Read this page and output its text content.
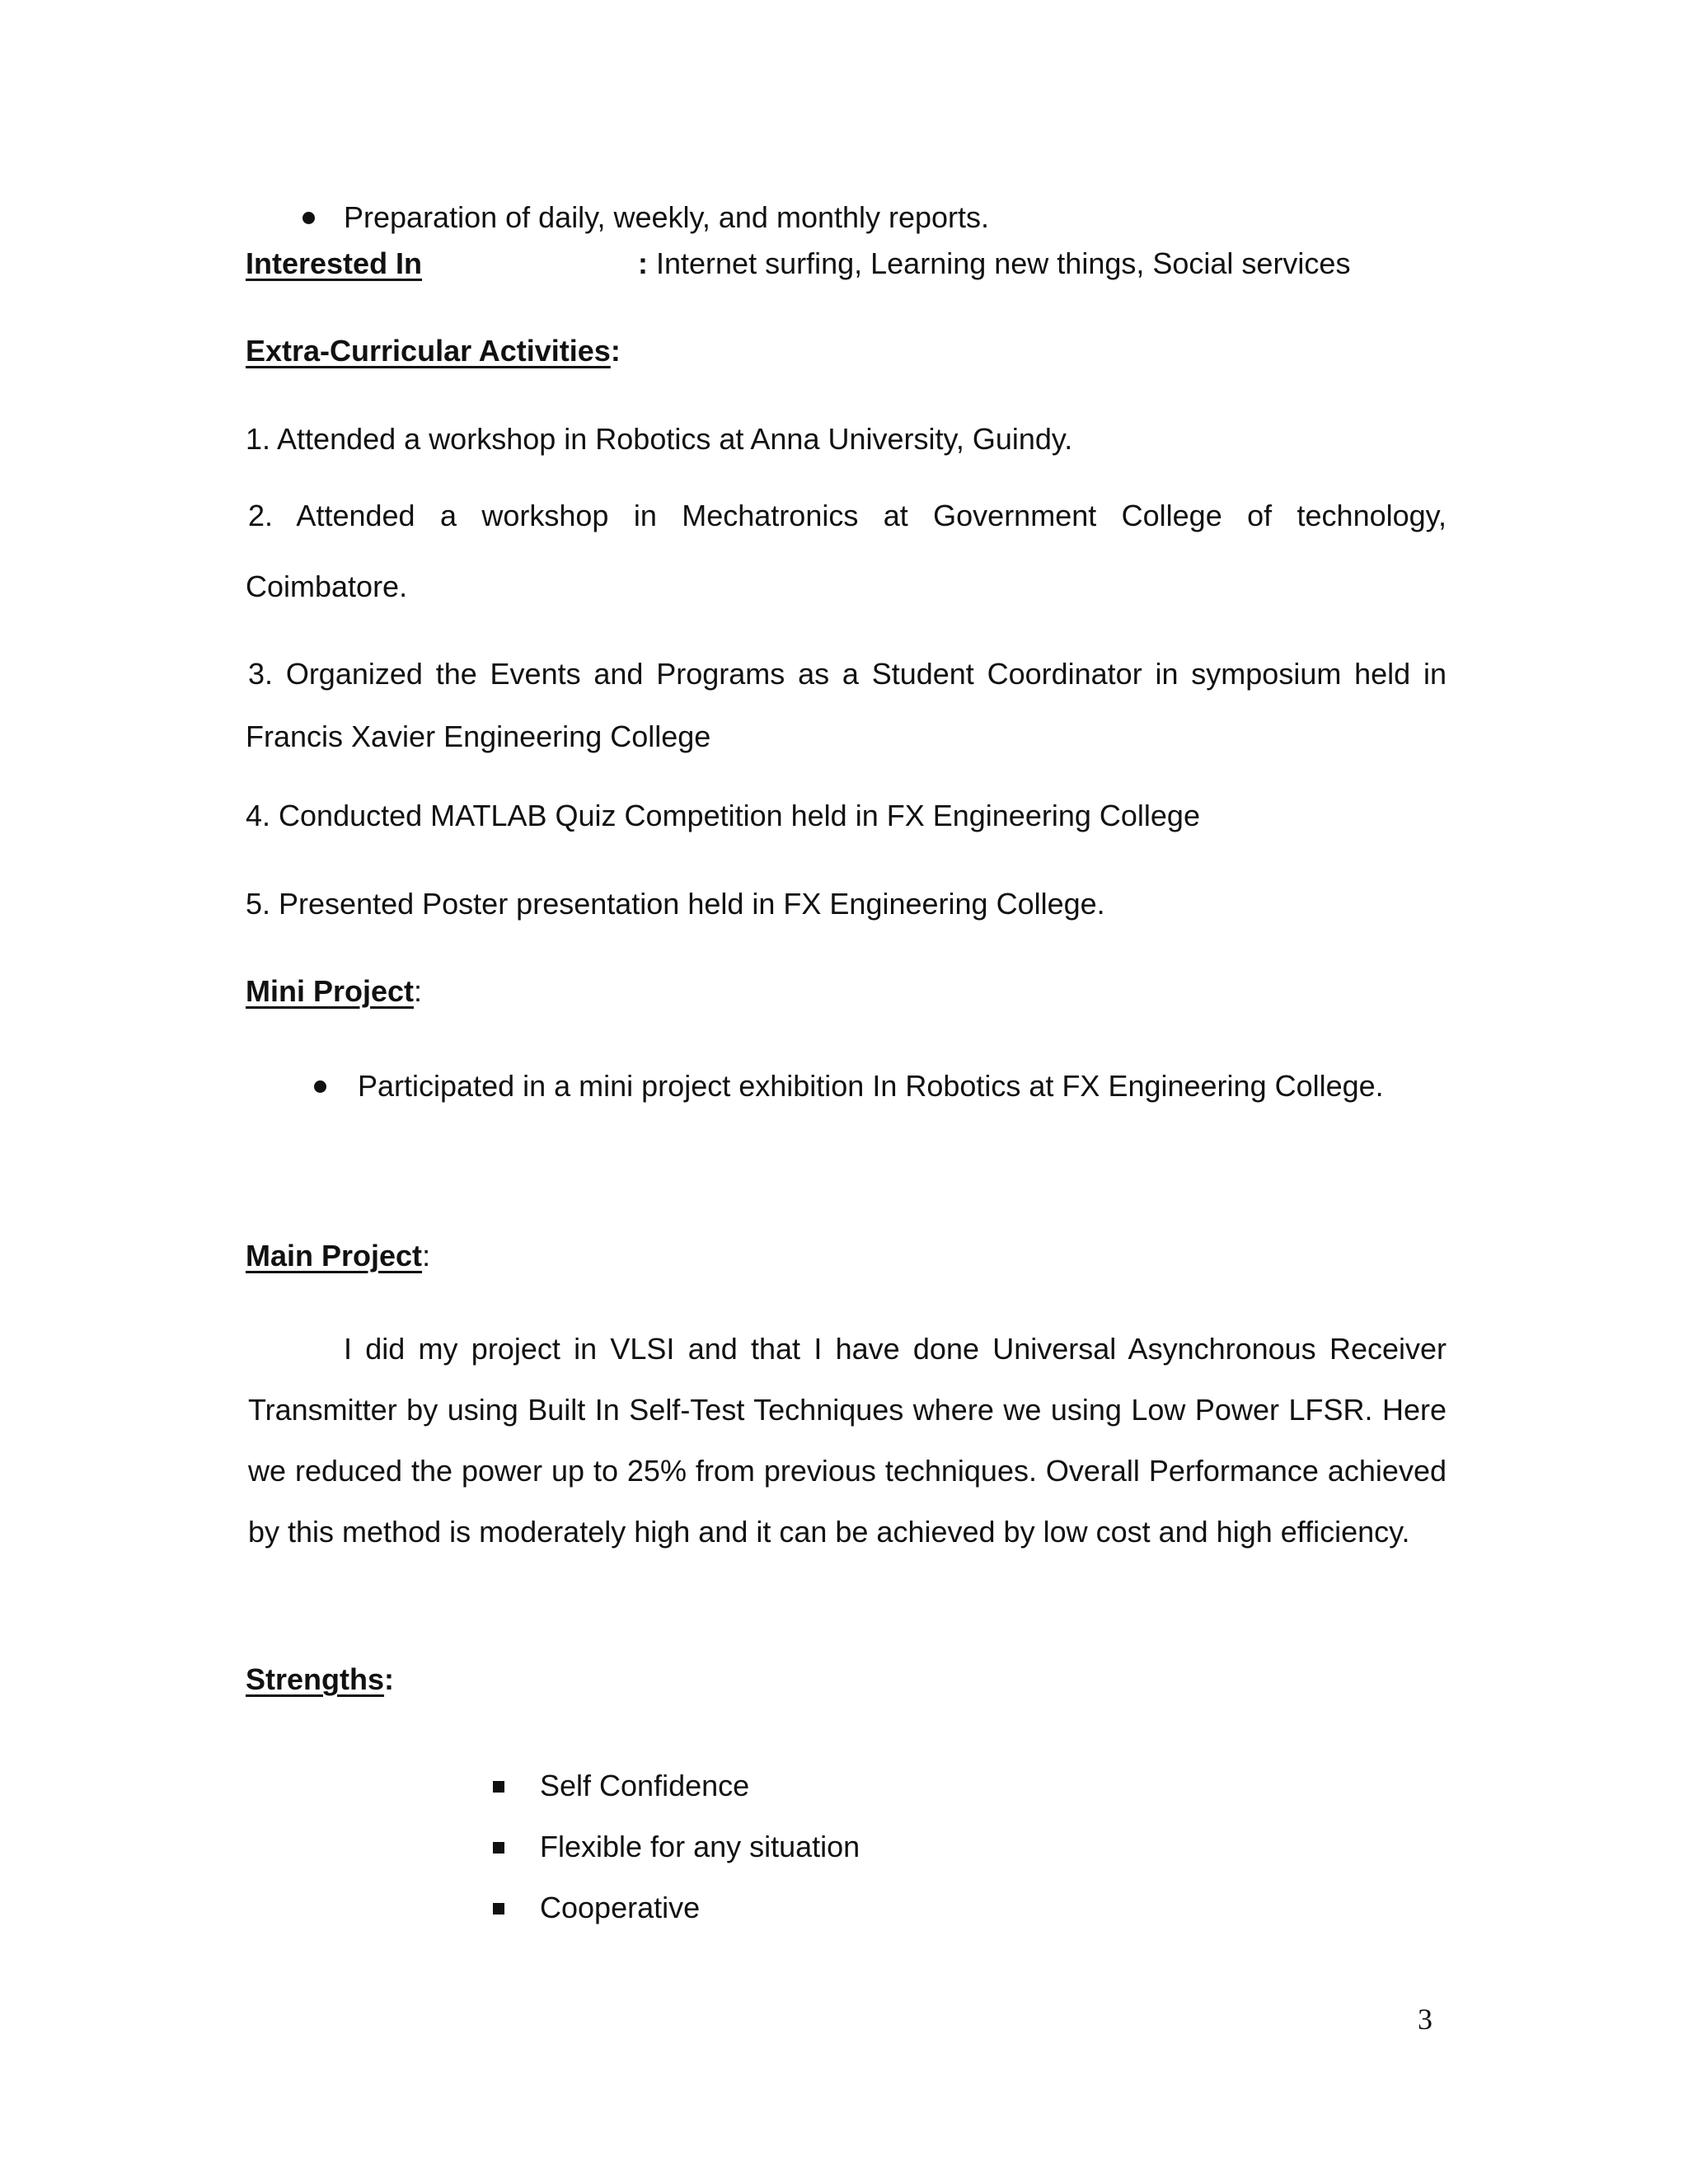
Preparation of daily, weekly, and monthly reports.
Interested In	: Internet surfing, Learning new things, Social services
Extra-Curricular Activities:
1. Attended a workshop in Robotics at Anna University, Guindy.
2. Attended a workshop in Mechatronics at Government College of technology,
Coimbatore.
3. Organized the Events and Programs as a Student Coordinator in symposium held in
Francis Xavier Engineering College
4. Conducted MATLAB Quiz Competition held in FX Engineering College
5. Presented Poster presentation held in FX Engineering College.
Mini Project:
Participated in a mini project exhibition In Robotics at FX Engineering College.
Main Project:
I did my project in VLSI and that I have done Universal Asynchronous Receiver Transmitter by using Built In Self-Test Techniques where we using Low Power LFSR. Here we reduced the power up to 25% from previous techniques. Overall Performance achieved by this method is moderately high and it can be achieved by low cost and high efficiency.
Strengths:
Self Confidence
Flexible for any situation
Cooperative
3
